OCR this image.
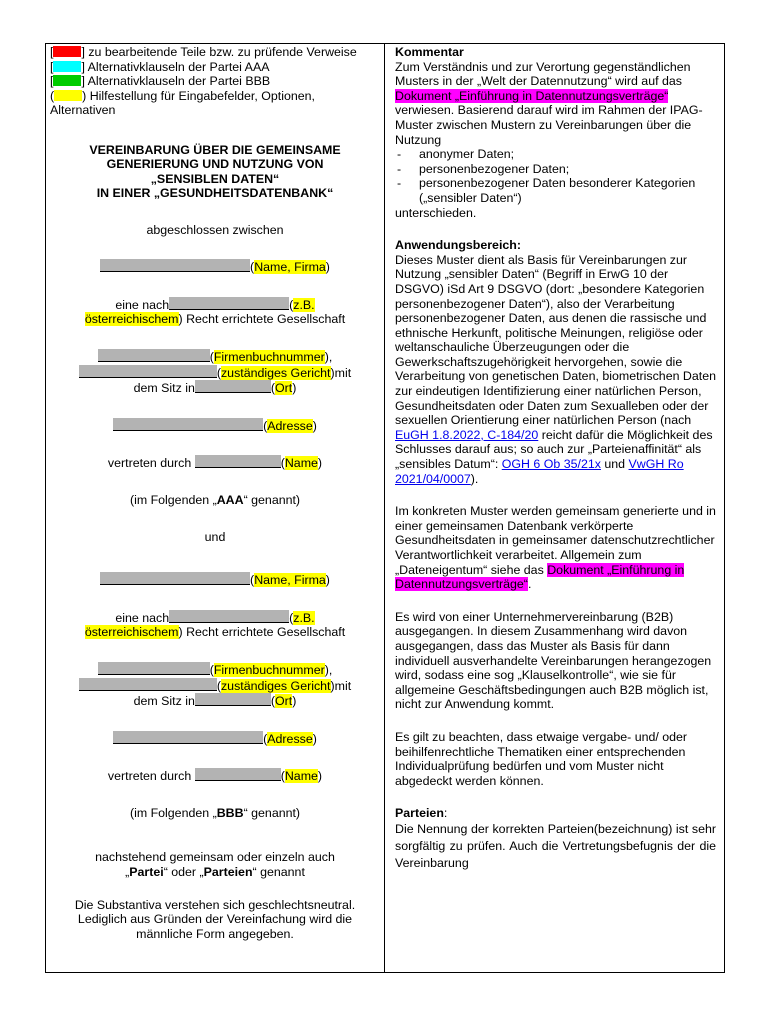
[ ] zu bearbeitende Teile bzw. zu prüfende Verweise
[ ] Alternativklauseln der Partei AAA
[ ] Alternativklauseln der Partei BBB
( ) Hilfestellung für Eingabefelder, Optionen, Alternativen
VEREINBARUNG ÜBER DIE GEMEINSAME
GENERIERUNG UND NUTZUNG VON
„SENSIBLEN DATEN“
IN EINER „GESUNDHEITSDATENBANK“
abgeschlossen zwischen
(Name, Firma)
eine nach	(z.B.
österreichischem) Recht errichtete Gesellschaft
(Firmenbuchnummer),
(zuständiges Gericht)mit
dem Sitz in	(Ort)
(Adresse)
vertreten durch	(Name)
(im Folgenden „AAA“ genannt)
und
(Name, Firma)
eine nach	(z.B.
österreichischem) Recht errichtete Gesellschaft
(Firmenbuchnummer),
(zuständiges Gericht)mit
dem Sitz in	(Ort)
(Adresse)
vertreten durch	(Name)
(im Folgenden „BBB“ genannt)
nachstehend gemeinsam oder einzeln auch
„Partei“ oder „Parteien“ genannt
Die Substantiva verstehen sich geschlechtsneutral. Lediglich aus Gründen der Vereinfachung wird die männliche Form angegeben.
Kommentar
Zum Verständnis und zur Verortung gegenständlichen Musters in der „Welt der Datennutzung“ wird auf das Dokument „Einführung in Datennutzungsverträge“ verwiesen. Basierend darauf wird im Rahmen der IPAG-Muster zwischen Mustern zu Vereinbarungen über die Nutzung
- anonymer Daten;
- personenbezogener Daten;
- personenbezogener Daten besonderer Kategorien („sensibler Daten“)
unterschieden.
Anwendungsbereich:
Dieses Muster dient als Basis für Vereinbarungen zur Nutzung „sensibler Daten“ (Begriff in ErwG 10 der DSGVO) iSd Art 9 DSGVO (dort: „besondere Kategorien personenbezogener Daten“), also der Verarbeitung personenbezogener Daten, aus denen die rassische und ethnische Herkunft, politische Meinungen, religiöse oder weltanschauliche Überzeugungen oder die Gewerkschaftszugehörigkeit hervorgehen, sowie die Verarbeitung von genetischen Daten, biometrischen Daten zur eindeutigen Identifizierung einer natürlichen Person, Gesundheitsdaten oder Daten zum Sexualleben oder der sexuellen Orientierung einer natürlichen Person (nach EuGH 1.8.2022, C-184/20 reicht dafür die Möglichkeit des Schlusses darauf aus; so auch zur „Parteienaffinität“ als „sensibles Datum“: OGH 6 Ob 35/21x und VwGH Ro 2021/04/0007).
Im konkreten Muster werden gemeinsam generierte und in einer gemeinsamen Datenbank verkörperte Gesundheitsdaten in gemeinsamer datenschutzrechtlicher Verantwortlichkeit verarbeitet. Allgemein zum „Dateneigentum“ siehe das Dokument „Einführung in Datennutzungsverträge“.
Es wird von einer Unternehmervereinbarung (B2B) ausgegangen. In diesem Zusammenhang wird davon ausgegangen, dass das Muster als Basis für dann individuell ausverhandelte Vereinbarungen herangezogen wird, sodass eine sog „Klauselkontrolle“, wie sie für allgemeine Geschäftsbedingungen auch B2B möglich ist, nicht zur Anwendung kommt.
Es gilt zu beachten, dass etwaige vergabe- und/ oder beihilfenrechtliche Thematiken einer entsprechenden Individualprüfung bedürfen und vom Muster nicht abgedeckt werden können.
Parteien:
Die Nennung der korrekten Parteien(bezeichnung) ist sehr sorgfältig zu prüfen. Auch die Vertretungsbefugnis der die Vereinbarung
